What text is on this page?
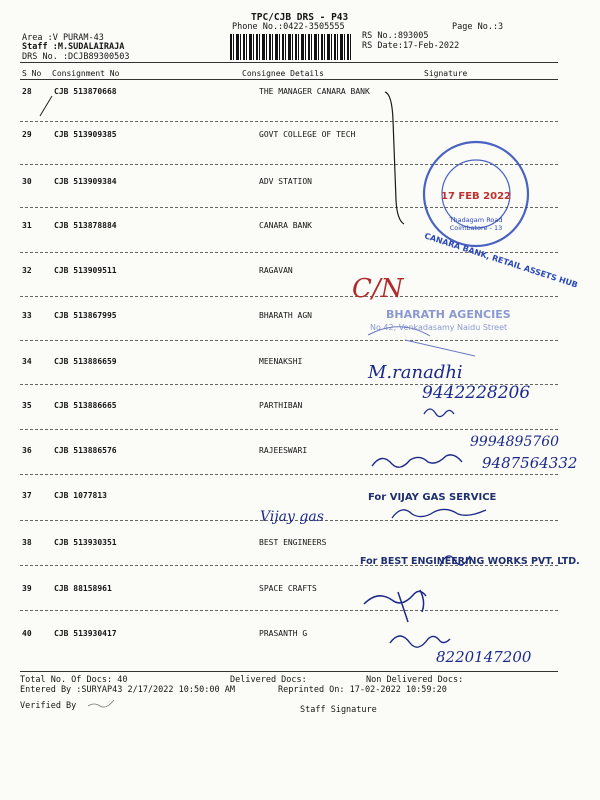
TPC/CJB DRS - P43
Phone No.:0422-3505555	Page No.:3
Area :V PURAM-43
Staff :M.SUDALAIRAJA
DRS No. :DCJB89300503
RS No.:893005
RS Date:17-Feb-2022
S No Consignment No	Consignee Details	Signature
28	CJB 513870668	THE MANAGER CANARA BANK
29	CJB 513909385	GOVT COLLEGE OF TECH
30	CJB 513909384	ADV STATION
31	CJB 513878884	CANARA BANK
32	CJB 513909511	RAGAVAN
33	CJB 513867995	BHARATH AGN
34	CJB 513886659	MEENAKSHI
35	CJB 513886665	PARTHIBAN
36	CJB 513886576	RAJEESWARI
37	CJB 1077813
38	CJB 513930351	BEST ENGINEERS
39	CJB 88158961	SPACE CRAFTS
40	CJB 513930417	PRASANTH G
Total No. Of Docs: 40	Delivered Docs:	Non Delivered Docs:
Entered By :SURYAP43 2/17/2022 10:50:00 AM	Reprinted On: 17-02-2022 10:59:20
Verified By	Staff Signature
17 FEB 2022
Thadagam Road
Coimbatore - 13
CANARA BANK, RETAIL ASSETS HUB
C/N
BHARATH AGENCIES
No 42, Venkadasamy Naidu Street
M.ranadhi
9442228206
9994895760
9487564332
Vijay gas
For VIJAY GAS SERVICE
For BEST ENGINEERING WORKS PVT. LTD.
8220147200
